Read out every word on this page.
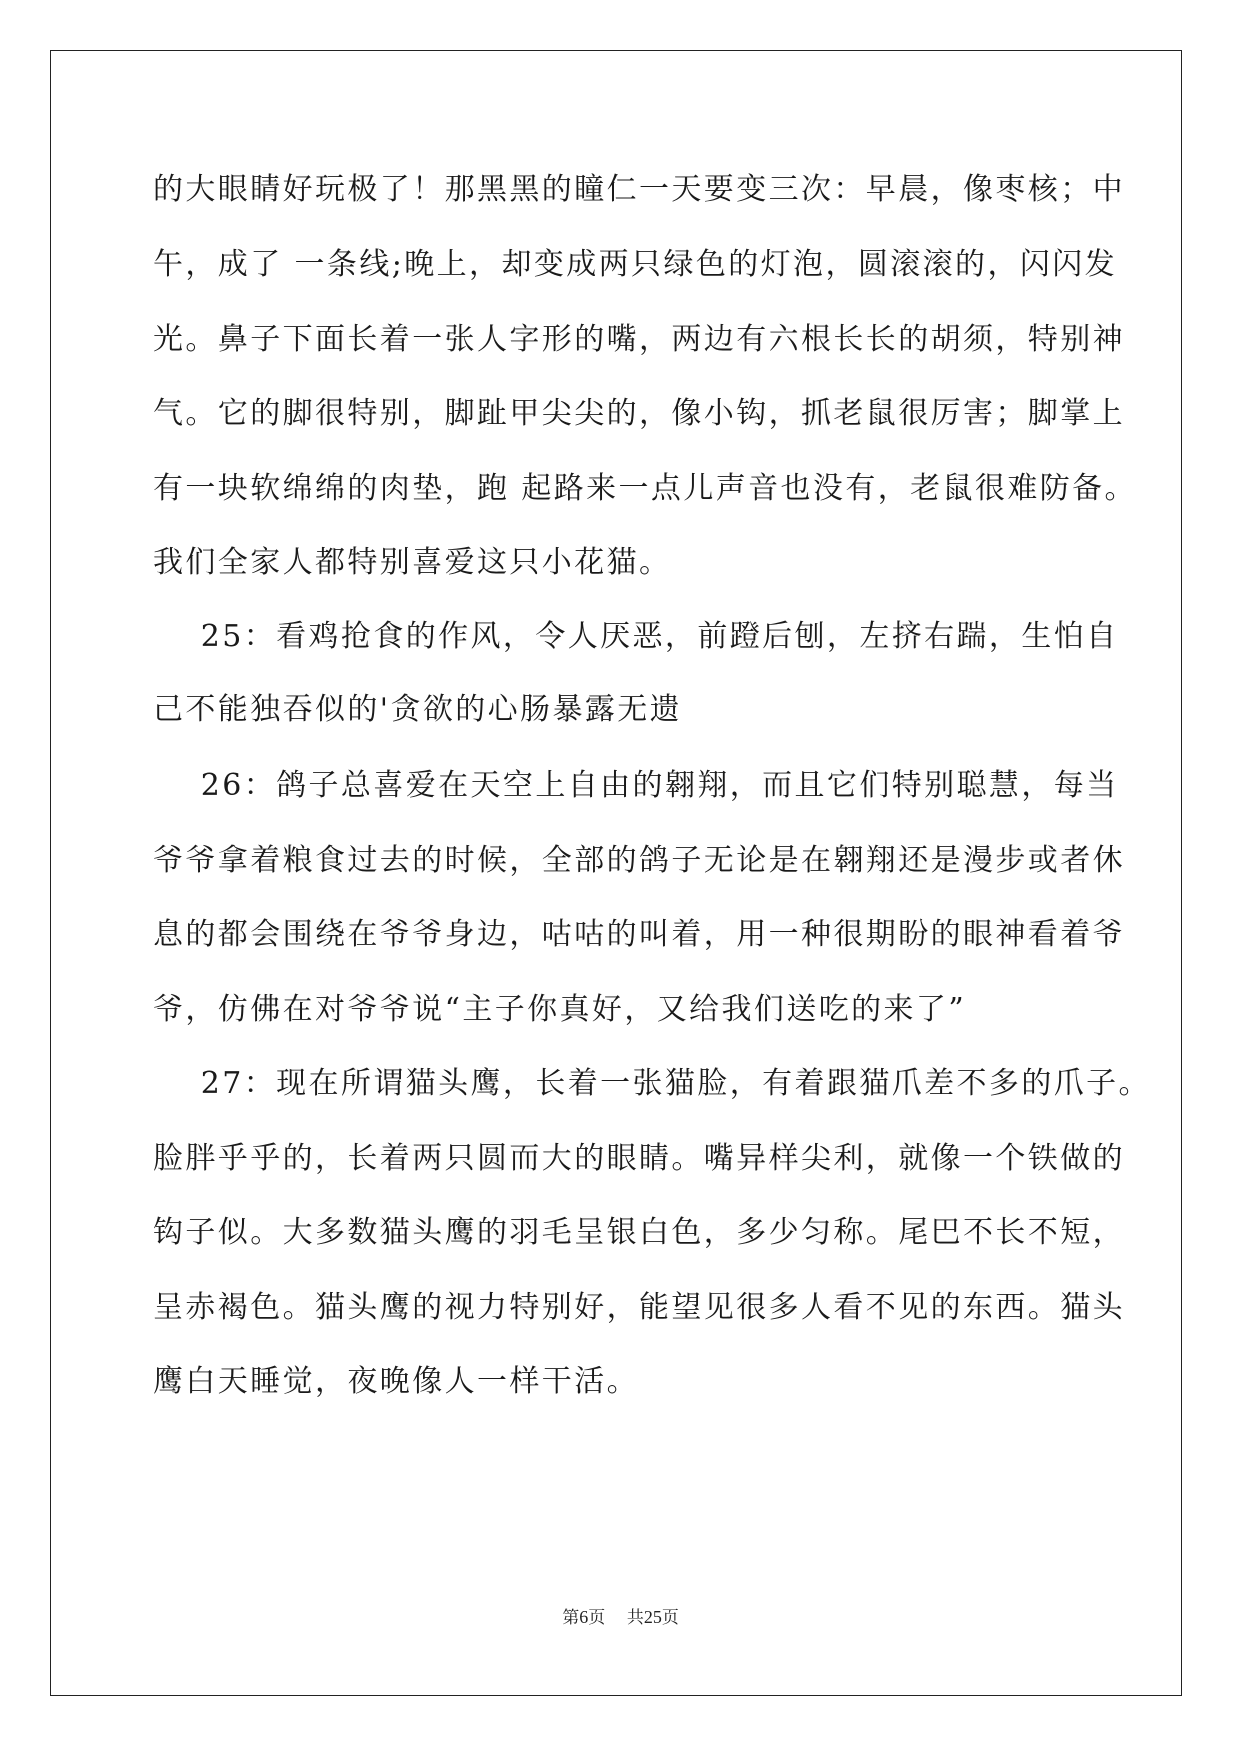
的大眼睛好玩极了！那黑黑的瞳仁一天要变三次：早晨，像枣核；中
午，成了 一条线;晚上，却变成两只绿色的灯泡，圆滚滚的，闪闪发
光。鼻子下面长着一张人字形的嘴，两边有六根长长的胡须，特别神
气。它的脚很特别，脚趾甲尖尖的，像小钩，抓老鼠很厉害；脚掌上
有一块软绵绵的肉垫，跑 起路来一点儿声音也没有，老鼠很难防备。
我们全家人都特别喜爱这只小花猫。
25：看鸡抢食的作风，令人厌恶，前蹬后刨，左挤右踹，生怕自
己不能独吞似的'贪欲的心肠暴露无遗
26：鸽子总喜爱在天空上自由的翱翔，而且它们特别聪慧，每当
爷爷拿着粮食过去的时候，全部的鸽子无论是在翱翔还是漫步或者休
息的都会围绕在爷爷身边，咕咕的叫着，用一种很期盼的眼神看着爷
爷，仿佛在对爷爷说“主子你真好，又给我们送吃的来了”
27：现在所谓猫头鹰，长着一张猫脸，有着跟猫爪差不多的爪子。
脸胖乎乎的，长着两只圆而大的眼睛。嘴异样尖利，就像一个铁做的
钩子似。大多数猫头鹰的羽毛呈银白色，多少匀称。尾巴不长不短，
呈赤褐色。猫头鹰的视力特别好，能望见很多人看不见的东西。猫头
鹰白天睡觉，夜晚像人一样干活。
第6页 共25页
